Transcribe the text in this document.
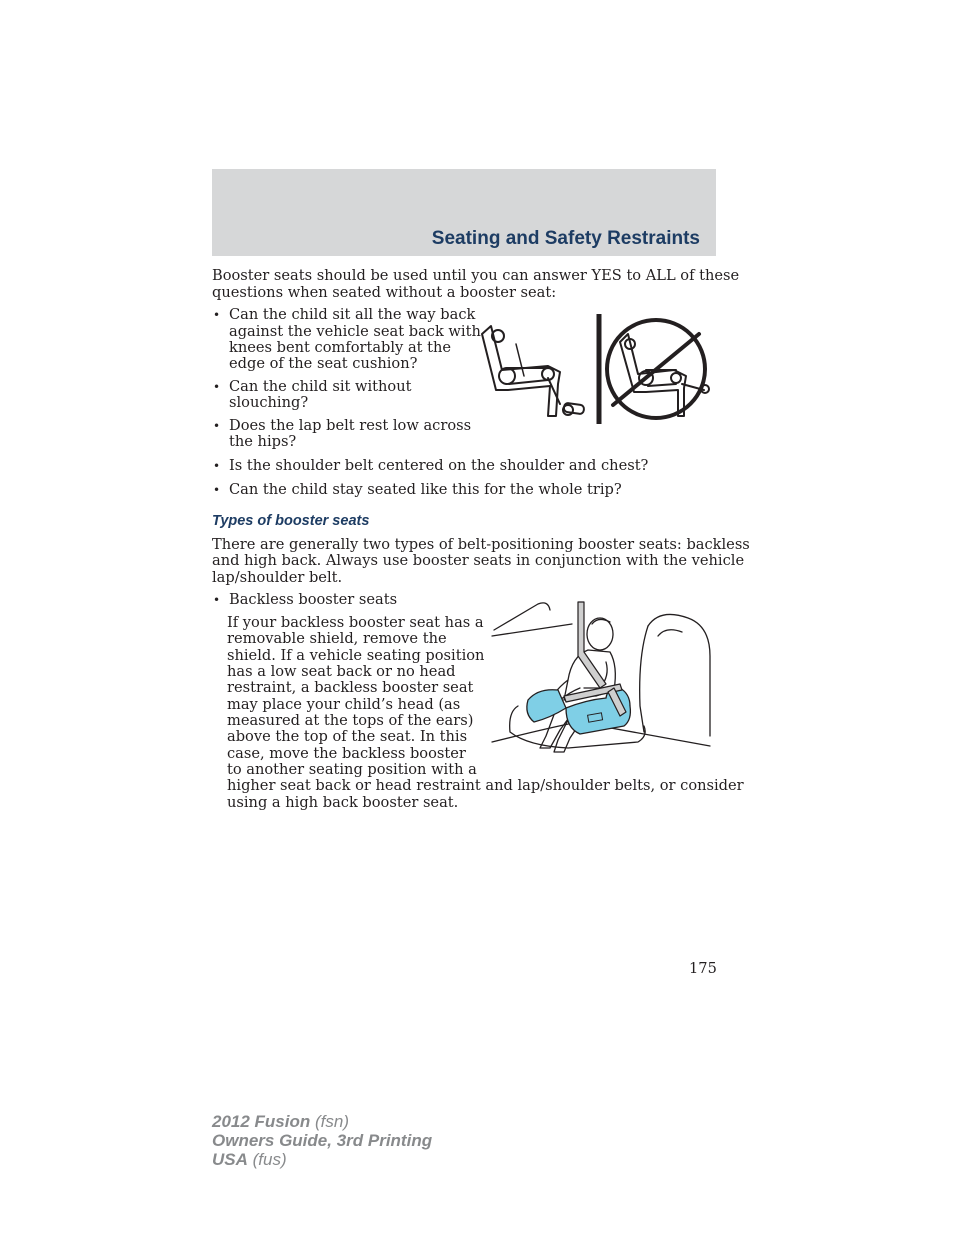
Seating and Safety Restraints

Booster seats should be used until you can answer YES to ALL of these

questions when seated without a booster seat:

• Can the child sit all the way back

against the vehicle seat back with

knees bent comfortably at the

edge of the seat cushion?

• Can the child sit without

slouching?

• Does the lap belt rest low across

the hips?

• Is the shoulder belt centered on the shoulder and chest?

• Can the child stay seated like this for the whole trip?

Types of booster seats

There are generally two types of belt-positioning booster seats: backless

and high back. Always use booster seats in conjunction with the vehicle

lap/shoulder belt.

• Backless booster seats

If your backless booster seat has a

removable shield, remove the

shield. If a vehicle seating position

has a low seat back or no head

restraint, a backless booster seat

may place your child’s head (as

measured at the tops of the ears)

above the top of the seat. In this

case, move the backless booster

to another seating position with a

higher seat back or head restraint and lap/shoulder belts, or consider

using a high back booster seat.

175
2012 Fusion (fsn)
Owners Guide, 3rd Printing
USA (fus)
